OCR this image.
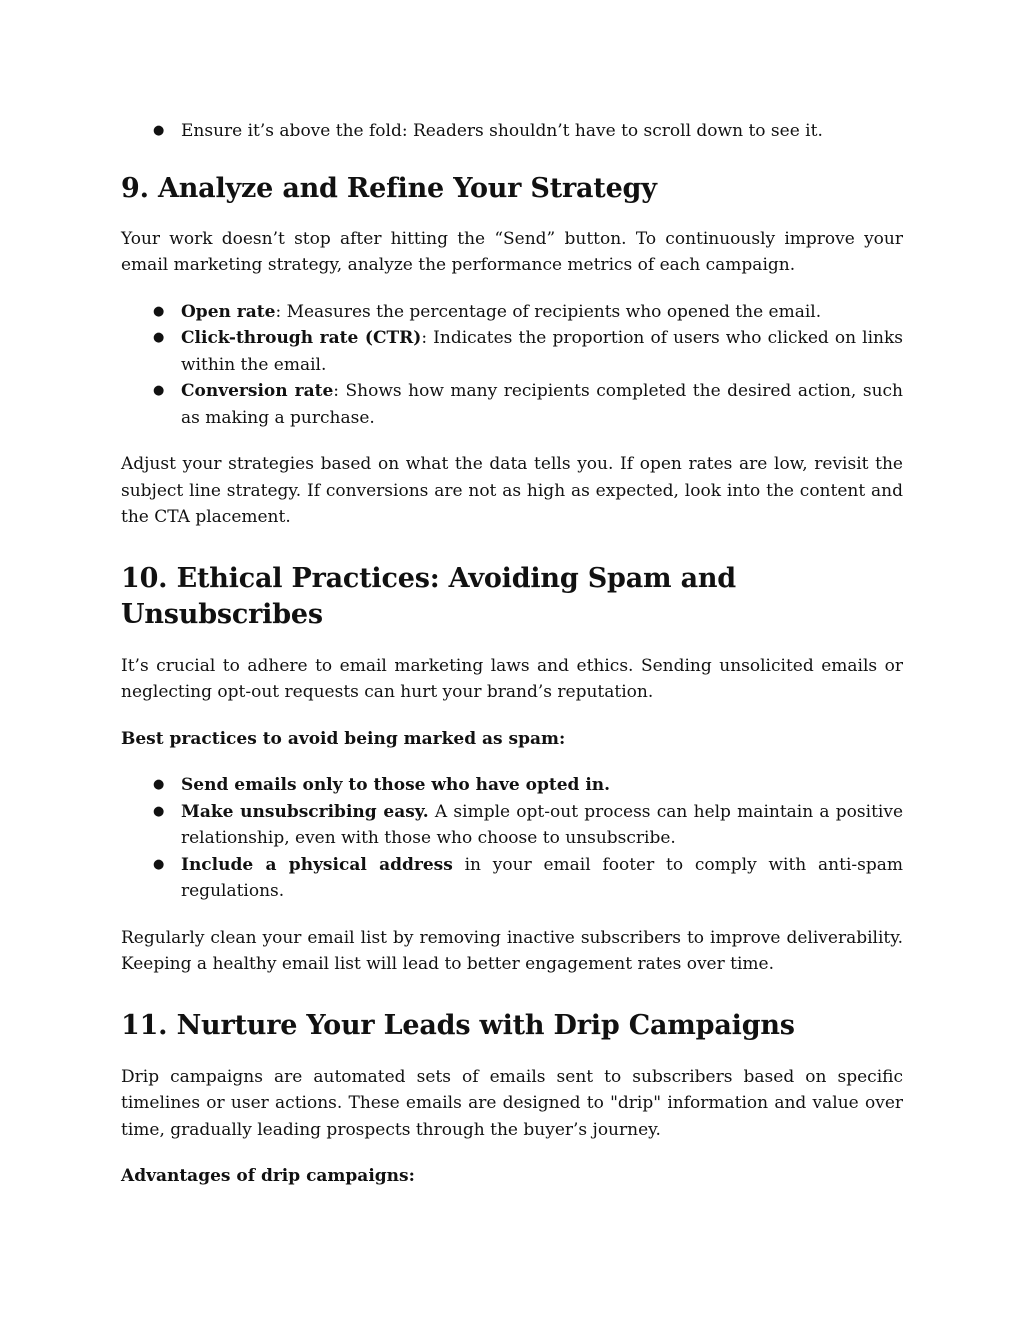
● Ensure it’s above the fold: Readers shouldn’t have to scroll down to see it.
9. Analyze and Refine Your Strategy

Your work doesn’t stop after hitting the “Send” button. To continuously improve your email marketing strategy, analyze the performance metrics of each campaign.

● Open rate: Measures the percentage of recipients who opened the email.
● Click-through rate (CTR): Indicates the proportion of users who clicked on links within the email.
● Conversion rate: Shows how many recipients completed the desired action, such as making a purchase.

Adjust your strategies based on what the data tells you. If open rates are low, revisit the subject line strategy. If conversions are not as high as expected, look into the content and the CTA placement.

10. Ethical Practices: Avoiding Spam and Unsubscribes

It’s crucial to adhere to email marketing laws and ethics. Sending unsolicited emails or neglecting opt-out requests can hurt your brand’s reputation.

Best practices to avoid being marked as spam:

● Send emails only to those who have opted in.
● Make unsubscribing easy. A simple opt-out process can help maintain a positive relationship, even with those who choose to unsubscribe.
● Include a physical address in your email footer to comply with anti-spam regulations.

Regularly clean your email list by removing inactive subscribers to improve deliverability. Keeping a healthy email list will lead to better engagement rates over time.

11. Nurture Your Leads with Drip Campaigns

Drip campaigns are automated sets of emails sent to subscribers based on specific timelines or user actions. These emails are designed to "drip" information and value over time, gradually leading prospects through the buyer’s journey.

Advantages of drip campaigns:
